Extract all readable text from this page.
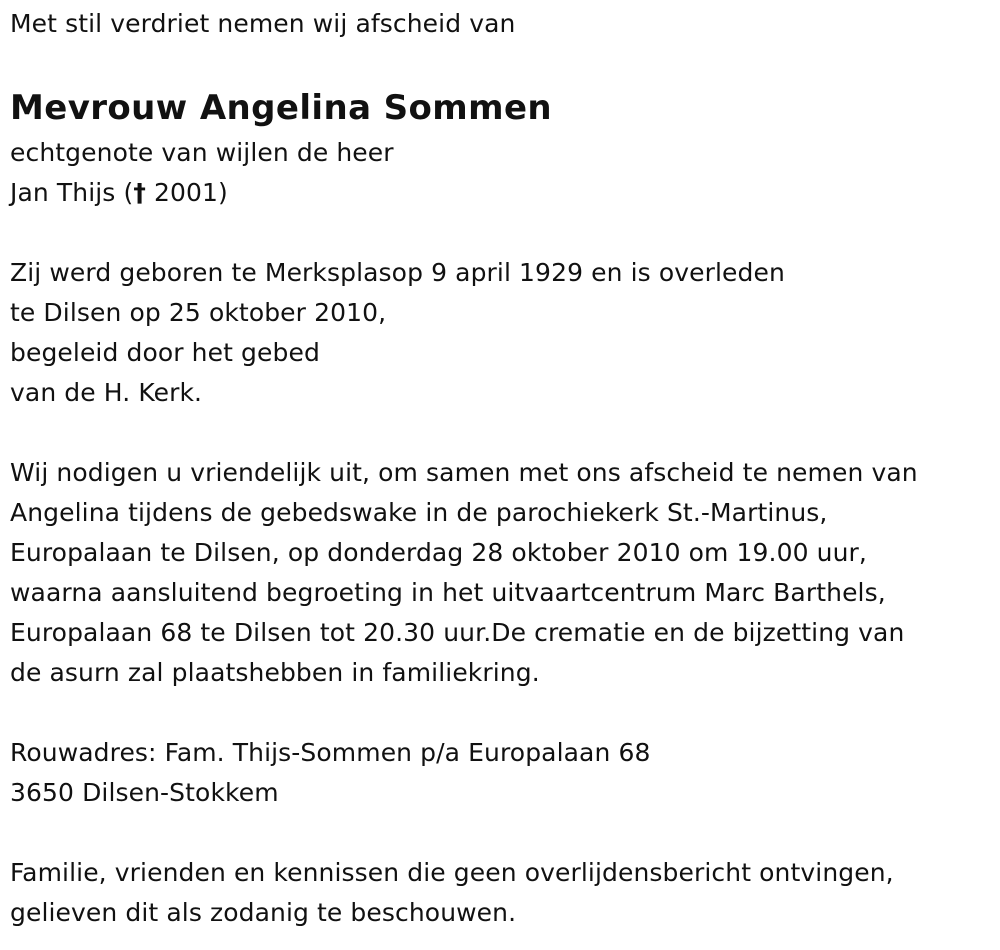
Met stil verdriet nemen wij afscheid van
Mevrouw Angelina Sommen
echtgenote van wijlen de heer
Jan Thijs († 2001)
Zij werd geboren te Merksplasop 9 april 1929 en is overleden
te Dilsen op 25 oktober 2010,
begeleid door het gebed
van de H. Kerk.
Wij nodigen u vriendelijk uit, om samen met ons afscheid te nemen van
Angelina tijdens de gebedswake in de parochiekerk St.-Martinus,
Europalaan te Dilsen, op donderdag 28 oktober 2010 om 19.00 uur,
waarna aansluitend begroeting in het uitvaartcentrum Marc Barthels,
Europalaan 68 te Dilsen tot 20.30 uur.De crematie en de bijzetting van
de asurn zal plaatshebben in familiekring.
Rouwadres: Fam. Thijs-Sommen p/a Europalaan 68
3650 Dilsen-Stokkem
Familie, vrienden en kennissen die geen overlijdensbericht ontvingen,
gelieven dit als zodanig te beschouwen.
